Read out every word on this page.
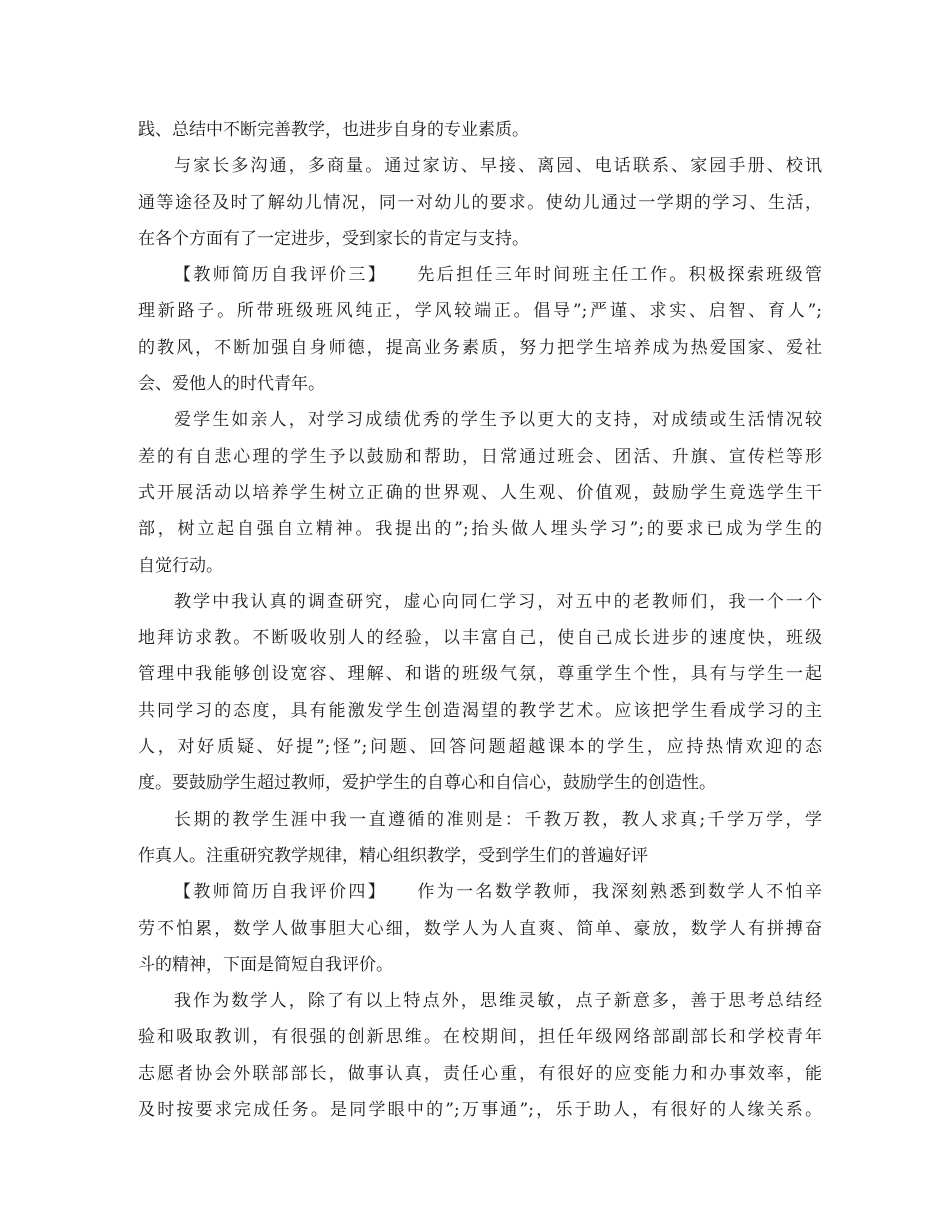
践、总结中不断完善教学，也进步自身的专业素质。
与家长多沟通，多商量。通过家访、早接、离园、电话联系、家园手册、校讯
通等途径及时了解幼儿情况，同一对幼儿的要求。使幼儿通过一学期的学习、生活，
在各个方面有了一定进步，受到家长的肯定与支持。
【教师简历自我评价三】　　先后担任三年时间班主任工作。积极探索班级管
理新路子。所带班级班风纯正，学风较端正。倡导”;严谨、求实、启智、育人”;
的教风，不断加强自身师德，提高业务素质，努力把学生培养成为热爱国家、爱社
会、爱他人的时代青年。
爱学生如亲人，对学习成绩优秀的学生予以更大的支持，对成绩或生活情况较
差的有自悲心理的学生予以鼓励和帮助，日常通过班会、团活、升旗、宣传栏等形
式开展活动以培养学生树立正确的世界观、人生观、价值观，鼓励学生竟选学生干
部，树立起自强自立精神。我提出的”;抬头做人埋头学习”;的要求已成为学生的
自觉行动。
教学中我认真的调查研究，虚心向同仁学习，对五中的老教师们，我一个一个
地拜访求教。不断吸收别人的经验，以丰富自己，使自己成长进步的速度快，班级
管理中我能够创设宽容、理解、和谐的班级气氛，尊重学生个性，具有与学生一起
共同学习的态度，具有能激发学生创造渴望的教学艺术。应该把学生看成学习的主
人，对好质疑、好提”;怪”;问题、回答问题超越课本的学生，应持热情欢迎的态
度。要鼓励学生超过教师，爱护学生的自尊心和自信心，鼓励学生的创造性。
长期的教学生涯中我一直遵循的准则是：千教万教，教人求真;千学万学，学
作真人。注重研究教学规律，精心组织教学，受到学生们的普遍好评
【教师简历自我评价四】　　作为一名数学教师，我深刻熟悉到数学人不怕辛
劳不怕累，数学人做事胆大心细，数学人为人直爽、简单、豪放，数学人有拼搏奋
斗的精神，下面是简短自我评价。
我作为数学人，除了有以上特点外，思维灵敏，点子新意多，善于思考总结经
验和吸取教训，有很强的创新思维。在校期间，担任年级网络部副部长和学校青年
志愿者协会外联部部长，做事认真，责任心重，有很好的应变能力和办事效率，能
及时按要求完成任务。是同学眼中的”;万事通”;，乐于助人，有很好的人缘关系。
